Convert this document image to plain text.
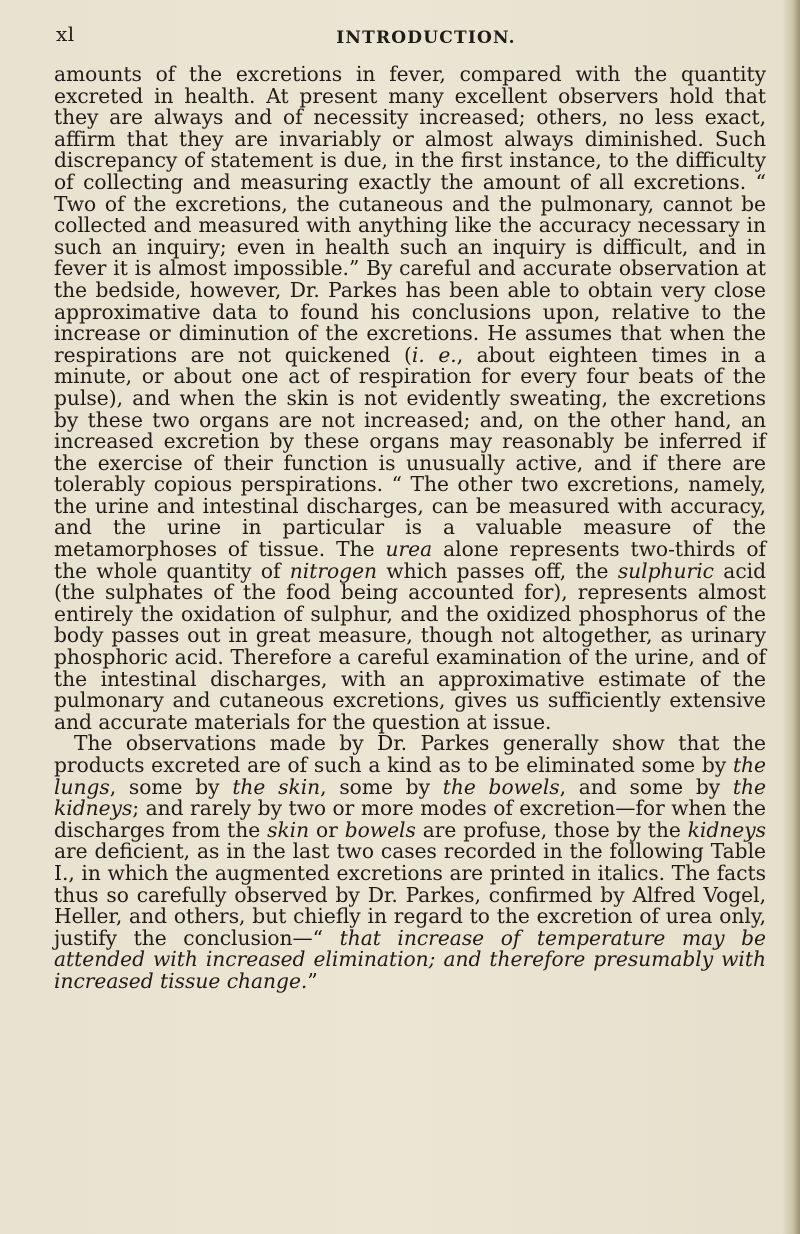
xl	INTRODUCTION.

amounts of the excretions in fever, compared with the quantity excreted in health. At present many excellent observers hold that they are always and of necessity increased; others, no less exact, affirm that they are invariably or almost always diminished. Such discrepancy of statement is due, in the first instance, to the difficulty of collecting and measuring exactly the amount of all excretions. “ Two of the excretions, the cutaneous and the pulmonary, cannot be collected and measured with anything like the accuracy necessary in such an inquiry; even in health such an inquiry is difficult, and in fever it is almost impossible.” By careful and accurate observation at the bedside, however, Dr. Parkes has been able to obtain very close approximative data to found his conclusions upon, relative to the increase or diminution of the excretions. He assumes that when the respirations are not quickened (i. e., about eighteen times in a minute, or about one act of respiration for every four beats of the pulse), and when the skin is not evidently sweating, the excretions by these two organs are not increased; and, on the other hand, an increased excretion by these organs may reasonably be inferred if the exercise of their function is unusually active, and if there are tolerably copious perspirations. “ The other two excretions, namely, the urine and intestinal discharges, can be measured with accuracy, and the urine in particular is a valuable measure of the metamorphoses of tissue. The urea alone represents two-thirds of the whole quantity of nitrogen which passes off, the sulphuric acid (the sulphates of the food being accounted for), represents almost entirely the oxidation of sulphur, and the oxidized phosphorus of the body passes out in great measure, though not altogether, as urinary phosphoric acid. Therefore a careful examination of the urine, and of the intestinal discharges, with an approximative estimate of the pulmonary and cutaneous excretions, gives us sufficiently extensive and accurate materials for the question at issue.

The observations made by Dr. Parkes generally show that the products excreted are of such a kind as to be eliminated some by the lungs, some by the skin, some by the bowels, and some by the kidneys; and rarely by two or more modes of excretion—for when the discharges from the skin or bowels are profuse, those by the kidneys are deficient, as in the last two cases recorded in the following Table I., in which the augmented excretions are printed in italics. The facts thus so carefully observed by Dr. Parkes, confirmed by Alfred Vogel, Heller, and others, but chiefly in regard to the excretion of urea only, justify the conclusion—“ that increase of temperature may be attended with increased elimination; and therefore presumably with increased tissue change.”
